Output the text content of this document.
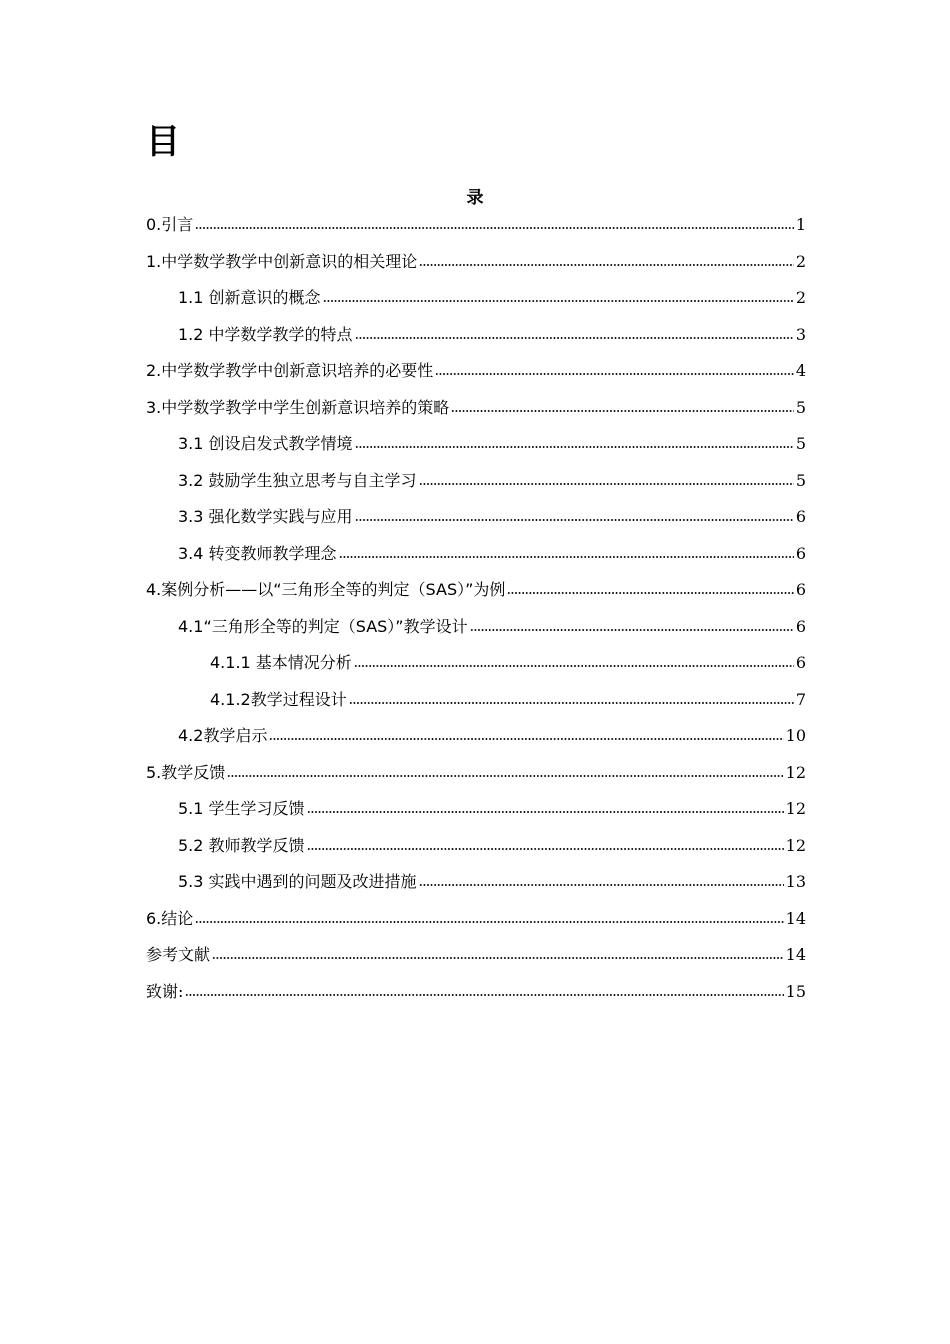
目
录
0.引言	1
1.中学数学教学中创新意识的相关理论	2
1.1 创新意识的概念	2
1.2 中学数学教学的特点	3
2.中学数学教学中创新意识培养的必要性	4
3.中学数学教学中学生创新意识培养的策略	5
3.1 创设启发式教学情境	5
3.2 鼓励学生独立思考与自主学习	5
3.3 强化数学实践与应用	6
3.4 转变教师教学理念	6
4.案例分析——以“三角形全等的判定（SAS）”为例	6
4.1“三角形全等的判定（SAS）”教学设计	6
4.1.1 基本情况分析	6
4.1.2教学过程设计	7
4.2教学启示	10
5.教学反馈	12
5.1 学生学习反馈	12
5.2 教师教学反馈	12
5.3 实践中遇到的问题及改进措施	13
6.结论	14
参考文献	14
致谢:	15
